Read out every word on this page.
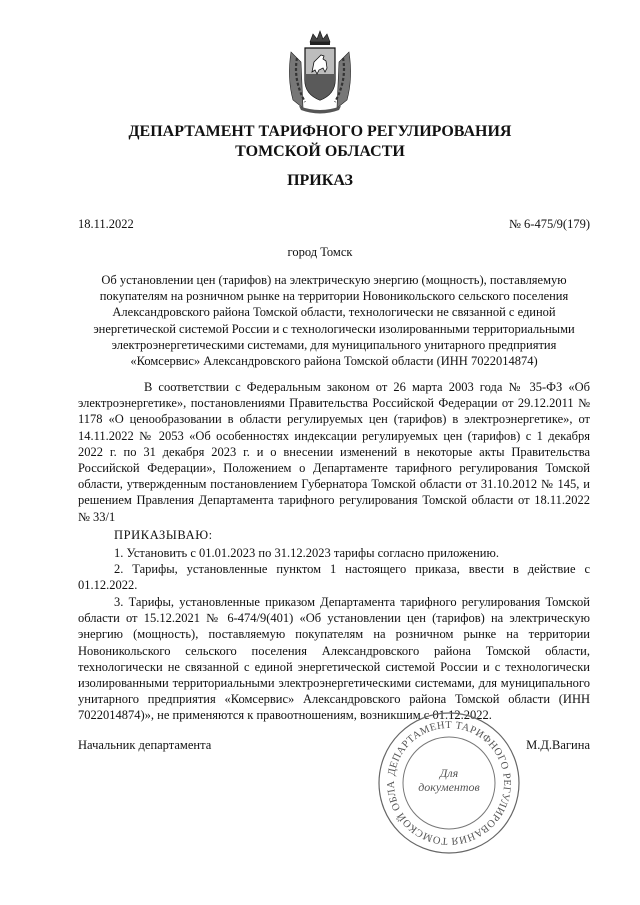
ДЕПАРТАМЕНТ ТАРИФНОГО РЕГУЛИРОВАНИЯ
ТОМСКОЙ ОБЛАСТИ
ПРИКАЗ
18.11.2022	№ 6-475/9(179)
город Томск
Об установлении цен (тарифов) на электрическую энергию (мощность), поставляемую покупателям на розничном рынке на территории Новоникольского сельского поселения Александровского района Томской области, технологически не связанной с единой энергетической системой России и с технологически изолированными территориальными электроэнергетическими системами, для муниципального унитарного предприятия «Комсервис» Александровского района Томской области (ИНН 7022014874)
В соответствии с Федеральным законом от 26 марта 2003 года № 35-ФЗ «Об электроэнергетике», постановлениями Правительства Российской Федерации от 29.12.2011 № 1178 «О ценообразовании в области регулируемых цен (тарифов) в электроэнергетике», от 14.11.2022 № 2053 «Об особенностях индексации регулируемых цен (тарифов) с 1 декабря 2022 г. по 31 декабря 2023 г. и о внесении изменений в некоторые акты Правительства Российской Федерации», Положением о Департаменте тарифного регулирования Томской области, утвержденным постановлением Губернатора Томской области от 31.10.2012 № 145, и решением Правления Департамента тарифного регулирования Томской области от 18.11.2022 № 33/1
ПРИКАЗЫВАЮ:
1. Установить с 01.01.2023 по 31.12.2023 тарифы согласно приложению.
2. Тарифы, установленные пунктом 1 настоящего приказа, ввести в действие с 01.12.2022.
3. Тарифы, установленные приказом Департамента тарифного регулирования Томской области от 15.12.2021 № 6-474/9(401) «Об установлении цен (тарифов) на электрическую энергию (мощность), поставляемую покупателям на розничном рынке на территории Новоникольского сельского поселения Александровского района Томской области, технологически не связанной с единой энергетической системой России и с технологически изолированными территориальными электроэнергетическими системами, для муниципального унитарного предприятия «Комсервис» Александровского района Томской области (ИНН 7022014874)», не применяются к правоотношениям, возникшим с 01.12.2022.
Начальник департамента	М.Д.Вагина
ДЕПАРТАМЕНТ ТАРИФНОГО РЕГУЛИРОВАНИЯ ТОМСКОЙ ОБЛА
Для
документов
